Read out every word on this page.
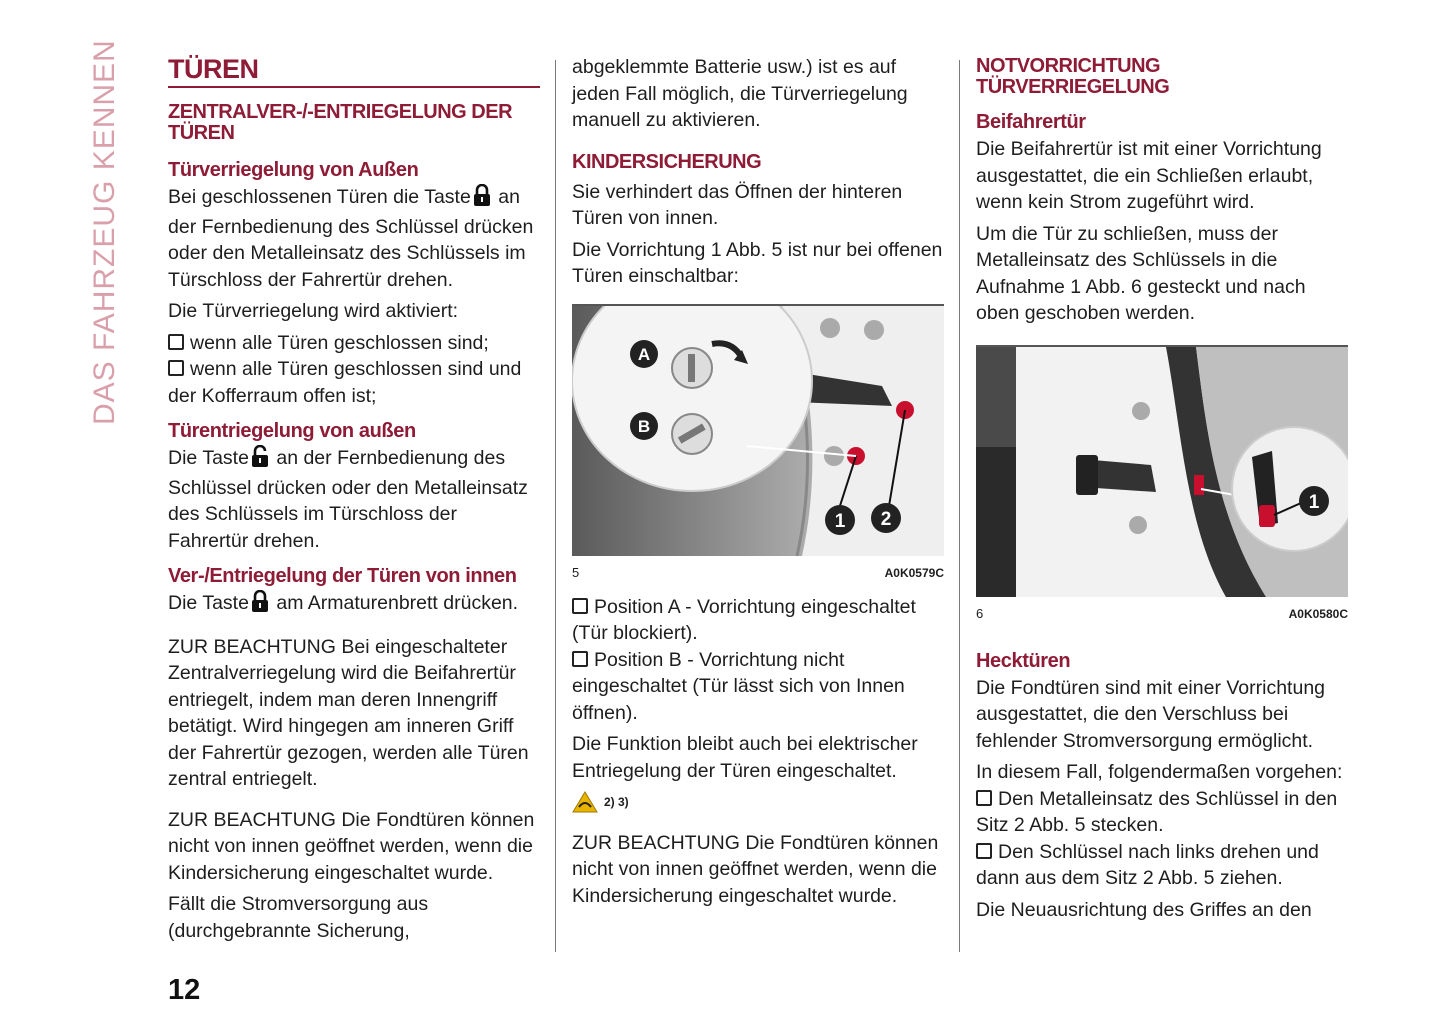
DAS FAHRZEUG KENNEN	TÜREN
ZENTRALVER-/-ENTRIEGELUNG DER TÜREN
Türverriegelung von Außen

Bei geschlossenen Türen die Taste an der Fernbedienung des Schlüssel drücken oder den Metalleinsatz des Schlüssels im Türschloss der Fahrertür drehen.

Die Türverriegelung wird aktiviert:

wenn alle Türen geschlossen sind;

wenn alle Türen geschlossen sind und der Kofferraum offen ist;

Türentriegelung von außen

Die Taste an der Fernbedienung des Schlüssel drücken oder den Metalleinsatz des Schlüssels im Türschloss der Fahrertür drehen.

Ver-/Entriegelung der Türen von innen

Die Taste am Armaturenbrett drücken.

ZUR BEACHTUNG Bei eingeschalteter Zentralverriegelung wird die Beifahrertür entriegelt, indem man deren Innengriff betätigt. Wird hingegen am inneren Griff der Fahrertür gezogen, werden alle Türen zentral entriegelt.

ZUR BEACHTUNG Die Fondtüren können nicht von innen geöffnet werden, wenn die Kindersicherung eingeschaltet wurde.

Fällt die Stromversorgung aus (durchgebrannte Sicherung,

abgeklemmte Batterie usw.) ist es auf jeden Fall möglich, die Türverriegelung manuell zu aktivieren.

KINDERSICHERUNG

Sie verhindert das Öffnen der hinteren Türen von innen.

Die Vorrichtung 1 Abb. 5 ist nur bei offenen Türen einschaltbar:

A
B
1 2
5	A0K0579C

Position A - Vorrichtung eingeschaltet (Tür blockiert).

Position B - Vorrichtung nicht eingeschaltet (Tür lässt sich von Innen öffnen).

Die Funktion bleibt auch bei elektrischer Entriegelung der Türen eingeschaltet.

2) 3)

ZUR BEACHTUNG Die Fondtüren können nicht von innen geöffnet werden, wenn die Kindersicherung eingeschaltet wurde.

NOTVORRICHTUNG TÜRVERRIEGELUNG
Beifahrertür

Die Beifahrertür ist mit einer Vorrichtung ausgestattet, die ein Schließen erlaubt, wenn kein Strom zugeführt wird.

Um die Tür zu schließen, muss der Metalleinsatz des Schlüssels in die Aufnahme 1 Abb. 6 gesteckt und nach oben geschoben werden.

1
6	A0K0580C
Hecktüren

Die Fondtüren sind mit einer Vorrichtung ausgestattet, die den Verschluss bei fehlender Stromversorgung ermöglicht.

In diesem Fall, folgendermaßen vorgehen:

Den Metalleinsatz des Schlüssel in den Sitz 2 Abb. 5 stecken.

Den Schlüssel nach links drehen und dann aus dem Sitz 2 Abb. 5 ziehen.

Die Neuausrichtung des Griffes an den

12
